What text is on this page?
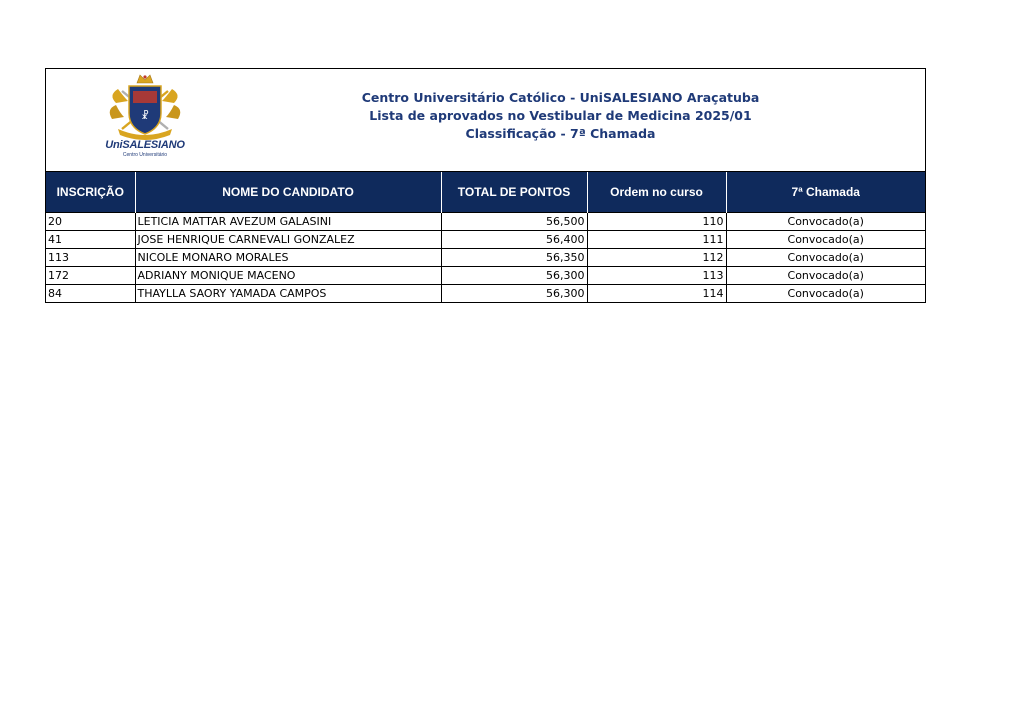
☧
UniSALESIANO
Centro Universitário
Centro Universitário Católico - UniSALESIANO Araçatuba
Lista de aprovados no Vestibular de Medicina 2025/01
Classificação - 7ª Chamada
INSCRIÇÃO	NOME DO CANDIDATO	TOTAL DE PONTOS	Ordem no curso	7ª Chamada
20	LETICIA MATTAR AVEZUM GALASINI	56,500	110	Convocado(a)
41	JOSE HENRIQUE CARNEVALI GONZALEZ	56,400	111	Convocado(a)
113	NICOLE MONARO MORALES	56,350	112	Convocado(a)
172	ADRIANY MONIQUE MACENO	56,300	113	Convocado(a)
84	THAYLLA SAORY YAMADA CAMPOS	56,300	114	Convocado(a)
